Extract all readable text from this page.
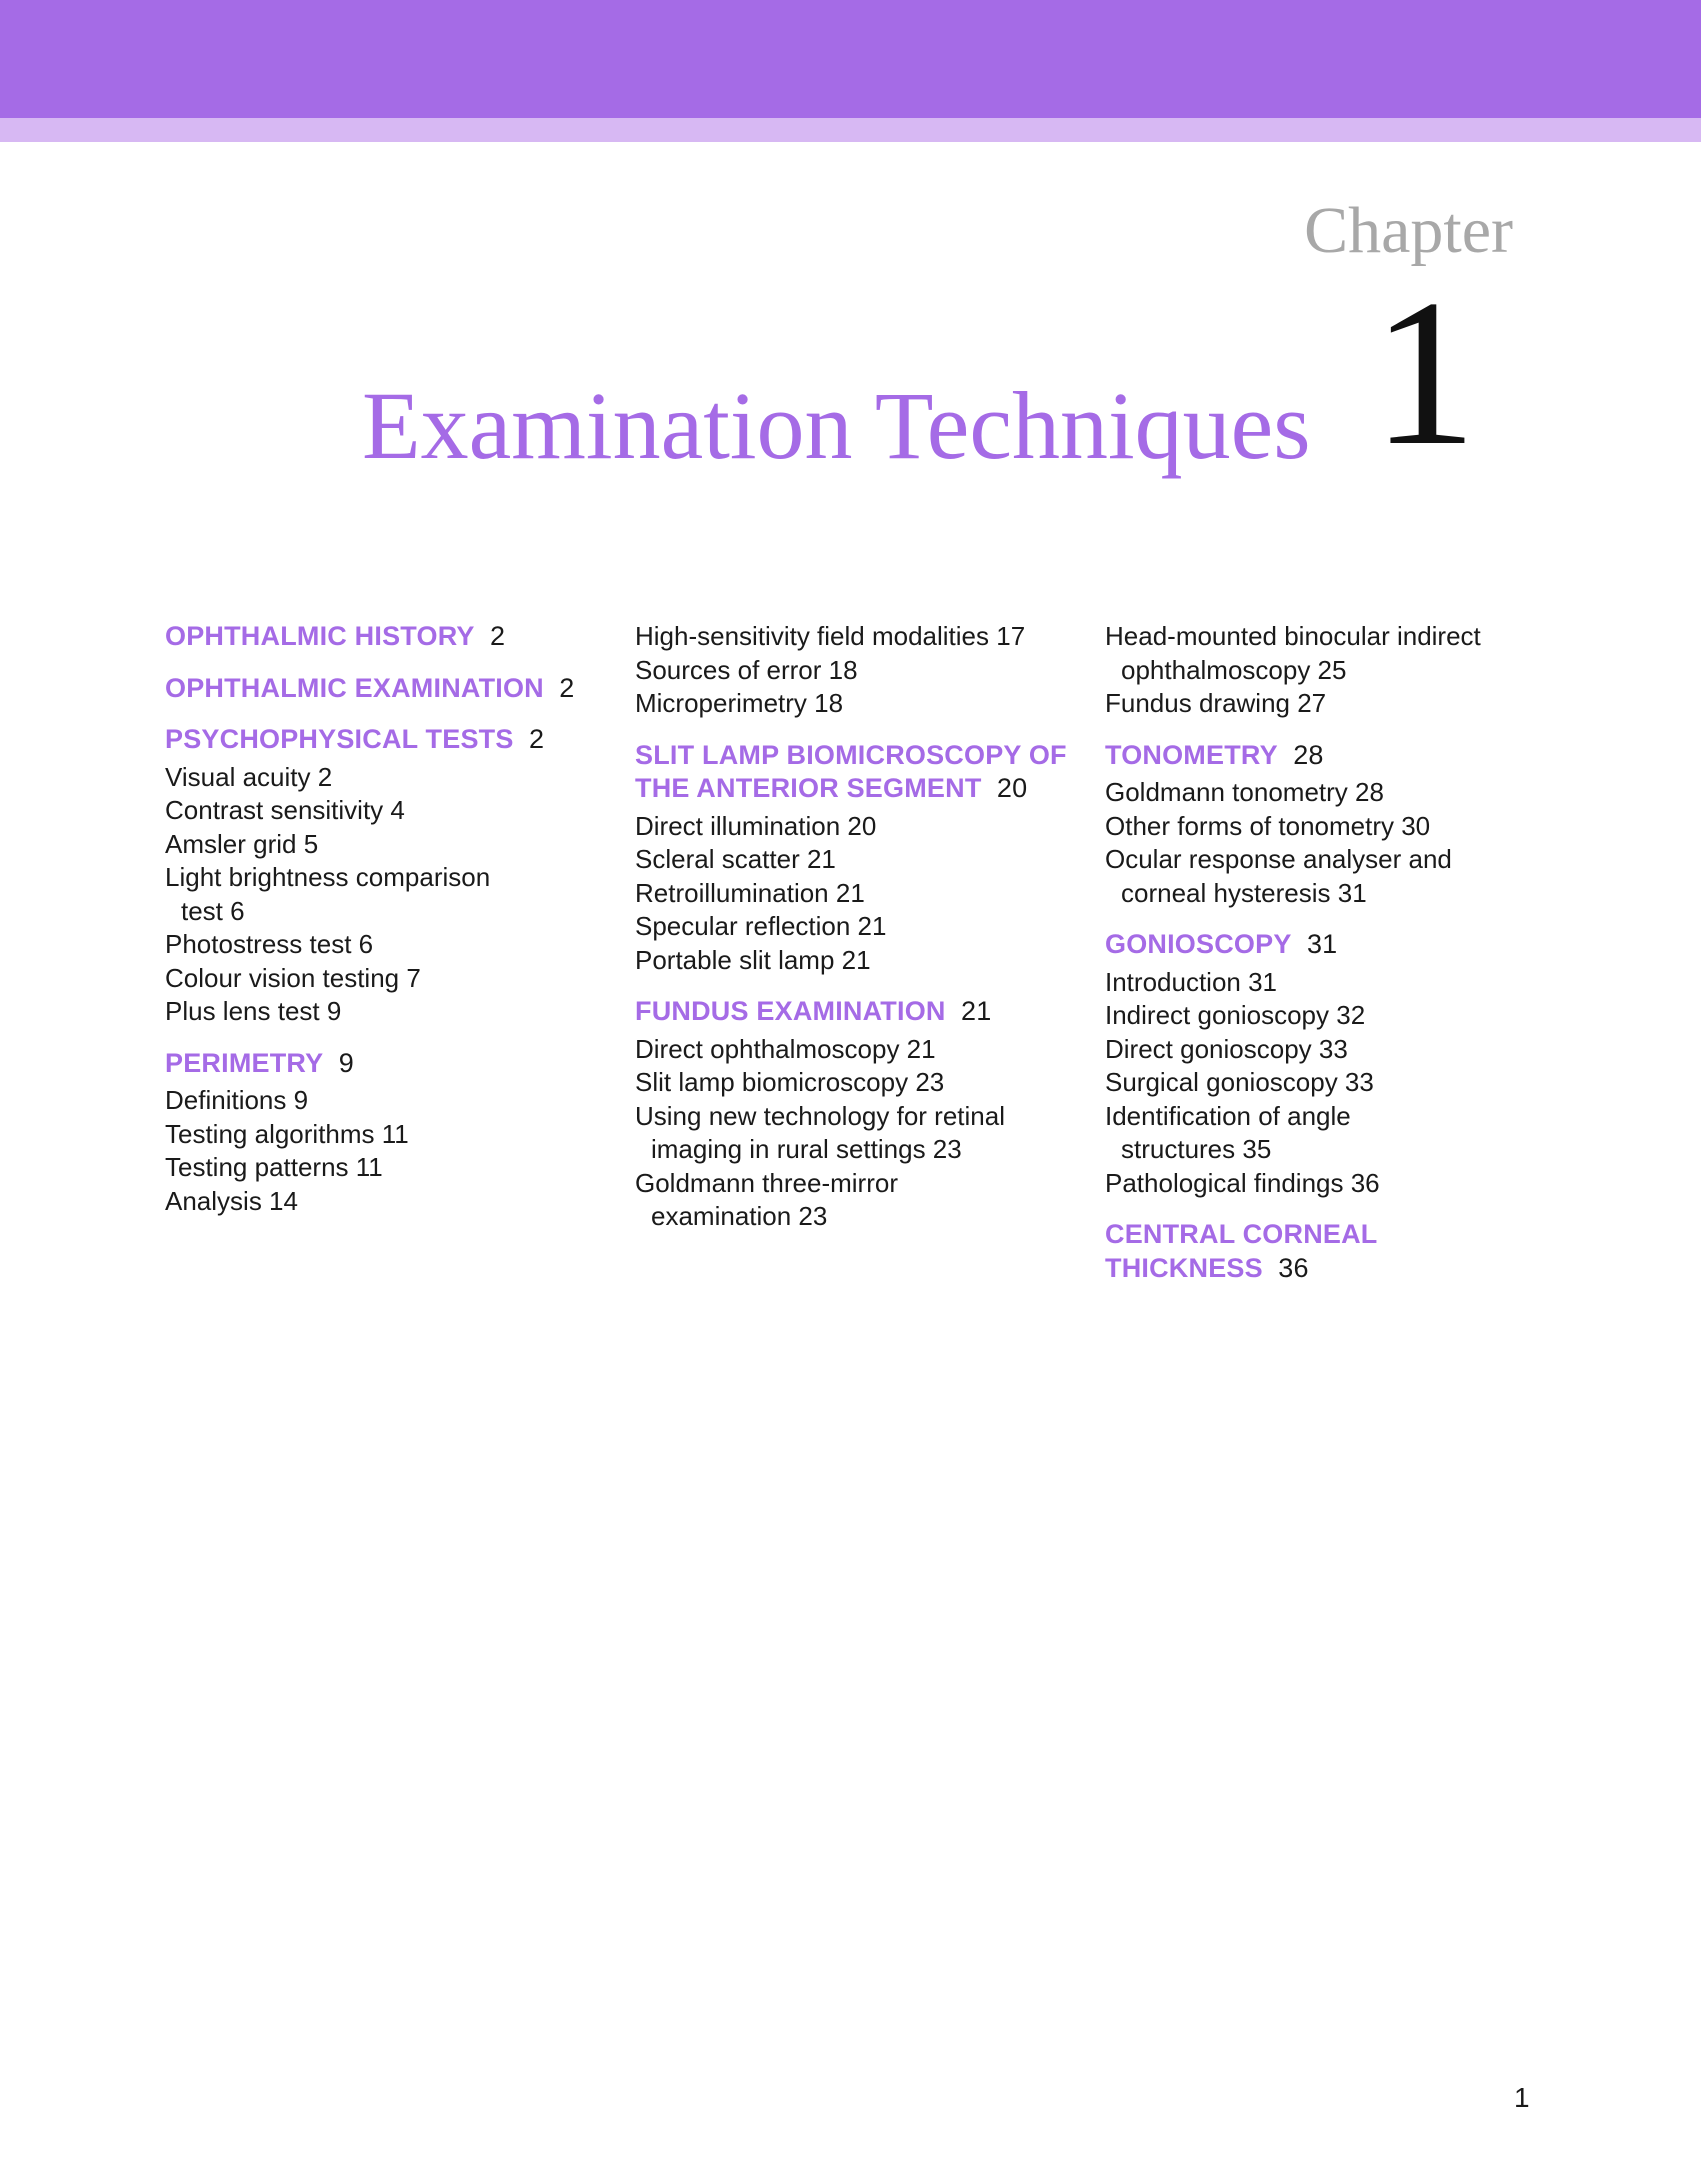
Chapter
1
Examination Techniques
OPHTHALMIC HISTORY 2
OPHTHALMIC EXAMINATION 2
PSYCHOPHYSICAL TESTS 2
Visual acuity 2
Contrast sensitivity 4
Amsler grid 5
Light brightness comparison
test 6
Photostress test 6
Colour vision testing 7
Plus lens test 9
PERIMETRY 9
Definitions 9
Testing algorithms 11
Testing patterns 11
Analysis 14
High-sensitivity field modalities 17
Sources of error 18
Microperimetry 18
SLIT LAMP BIOMICROSCOPY OF
THE ANTERIOR SEGMENT 20
Direct illumination 20
Scleral scatter 21
Retroillumination 21
Specular reflection 21
Portable slit lamp 21
FUNDUS EXAMINATION 21
Direct ophthalmoscopy 21
Slit lamp biomicroscopy 23
Using new technology for retinal
imaging in rural settings 23
Goldmann three-mirror
examination 23
Head-mounted binocular indirect
ophthalmoscopy 25
Fundus drawing 27
TONOMETRY 28
Goldmann tonometry 28
Other forms of tonometry 30
Ocular response analyser and
corneal hysteresis 31
GONIOSCOPY 31
Introduction 31
Indirect gonioscopy 32
Direct gonioscopy 33
Surgical gonioscopy 33
Identification of angle
structures 35
Pathological findings 36
CENTRAL CORNEAL THICKNESS 36
1
